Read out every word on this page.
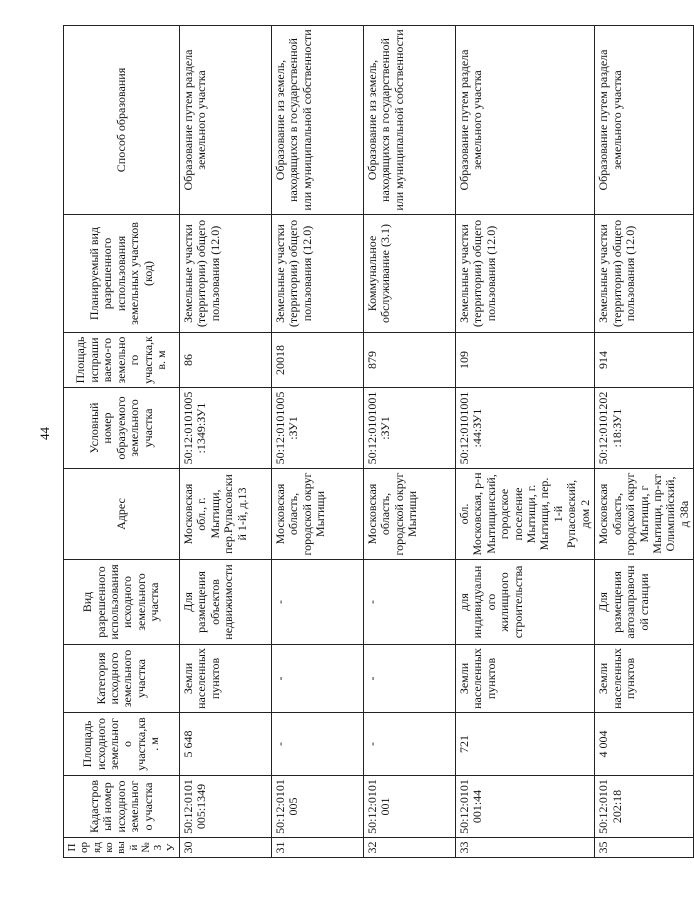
44
Порядковый № ЗУ	Кадастровый номер исходного земельного участка	Площадь исходного земельного участка,кв. м	Категория исходного земельного участка	Вид разрешенного использования исходного земельного участка	Адрес	Условный номер образуемого земельного участка	Площадь испрашиваемо-го земельного участка,кв. м	Планируемый вид разрешенного использования земельных участков (код)	Способ образования
30	50:12:0101005:1349	5 648	Земли населенных пунктов	Для размещения объектов недвижимости	Московская обл., г. Мытищи, пер.Рупасовский 1-й, д.13	50:12:0101005:1349:ЗУ1	86	Земельные участки (территории) общего пользования (12.0)	Образование путем раздела земельного участка
31	50:12:0101005	-	-	-	Московская область, городской округ Мытищи	50:12:0101005:ЗУ1	20018	Земельные участки (территории) общего пользования (12.0)	Образование из земель, находящихся в государственной или муниципальной собственности
32	50:12:0101001	-	-	-	Московская область, городской округ Мытищи	50:12:0101001:ЗУ1	879	Коммунальное обслуживание (3.1)	Образование из земель, находящихся в государственной или муниципальной собственности
33	50:12:0101001:44	721	Земли населенных пунктов	для индивидуального жилищного строительства	обл. Московская, р-н Мытищинский, городское поселение Мытищи, г. Мытищи, пер. 1-й Рупасовский, дом 2	50:12:0101001:44:ЗУ1	109	Земельные участки (территории) общего пользования (12.0)	Образование путем раздела земельного участка
35	50:12:0101202:18	4 004	Земли населенных пунктов	Для размещения автозаправочной станции	Московская область, городской округ Мытищи, г Мытищи, пр-кт Олимпийский, д 38а	50:12:0101202:18:ЗУ1	914	Земельные участки (территории) общего пользования (12.0)	Образование путем раздела земельного участка
